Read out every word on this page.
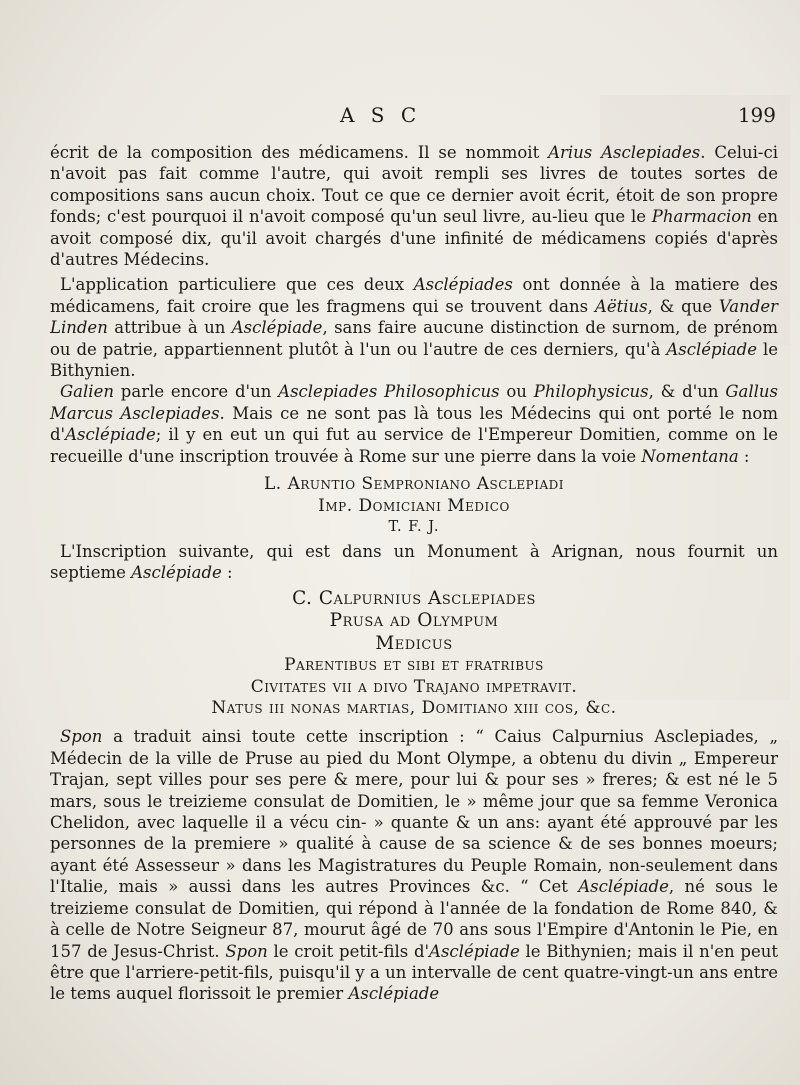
A S C	199

écrit de la composition des médicamens. Il se nommoit Arius Asclepiades. Celui-ci n'avoit pas fait comme l'autre, qui avoit rempli ses livres de toutes sortes de compositions sans aucun choix. Tout ce que ce dernier avoit écrit, étoit de son propre fonds; c'est pourquoi il n'avoit composé qu'un seul livre, au-lieu que le Pharmacion en avoit composé dix, qu'il avoit chargés d'une infinité de médicamens copiés d'après d'autres Médecins.

L'application particuliere que ces deux Asclépiades ont donnée à la matiere des médicamens, fait croire que les fragmens qui se trouvent dans Aëtius, & que Vander Linden attribue à un Asclépiade, sans faire aucune distinction de surnom, de prénom ou de patrie, appartiennent plutôt à l'un ou l'autre de ces derniers, qu'à Asclépiade le Bithynien.

Galien parle encore d'un Asclepiades Philosophicus ou Philophysicus, & d'un Gallus Marcus Asclepiades. Mais ce ne sont pas là tous les Médecins qui ont porté le nom d'Asclépiade; il y en eut un qui fut au service de l'Empereur Domitien, comme on le recueille d'une inscription trouvée à Rome sur une pierre dans la voie Nomentana :

L. Aruntio Semproniano Asclepiadi

Imp. Domiciani Medico

T. F. J.

L'Inscription suivante, qui est dans un Monument à Arignan, nous fournit un septieme Asclépiade :

C. Calpurnius Asclepiades

Prusa ad Olympum

Medicus

Parentibus et sibi et fratribus

Civitates vii a divo Trajano impetravit.

Natus iii nonas martias, Domitiano xiii cos, &c.

Spon a traduit ainsi toute cette inscription : “ Caius Calpurnius Asclepiades, „ Médecin de la ville de Pruse au pied du Mont Olympe, a obtenu du divin „ Empereur Trajan, sept villes pour ses pere & mere, pour lui & pour ses » freres; & est né le 5 mars, sous le treizieme consulat de Domitien, le » même jour que sa femme Veronica Chelidon, avec laquelle il a vécu cin- » quante & un ans: ayant été approuvé par les personnes de la premiere » qualité à cause de sa science & de ses bonnes moeurs; ayant été Assesseur » dans les Magistratures du Peuple Romain, non-seulement dans l'Italie, mais » aussi dans les autres Provinces &c. “ Cet Asclépiade, né sous le treizieme consulat de Domitien, qui répond à l'année de la fondation de Rome 840, & à celle de Notre Seigneur 87, mourut âgé de 70 ans sous l'Empire d'Antonin le Pie, en 157 de Jesus-Christ. Spon le croit petit-fils d'Asclépiade le Bithynien; mais il n'en peut être que l'arriere-petit-fils, puisqu'il y a un intervalle de cent quatre-vingt-un ans entre le tems auquel florissoit le premier Asclépiade
